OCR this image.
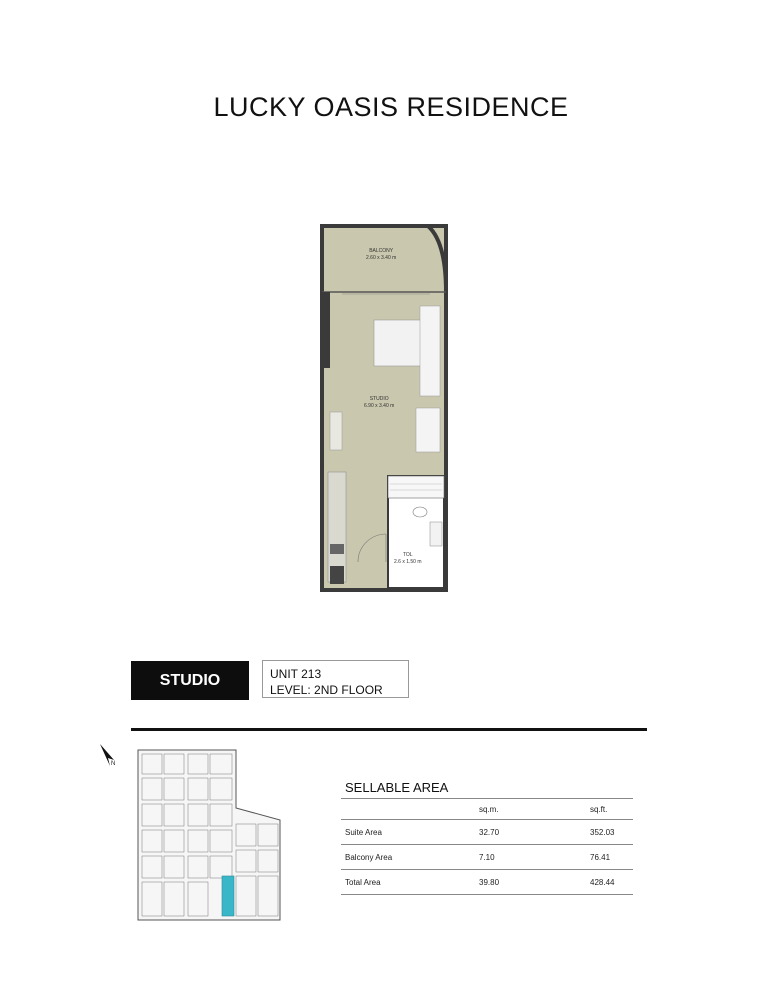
LUCKY OASIS RESIDENCE
BALCONY
2.60 x 3.40 m
STUDIO
6.90 x 3.40 m
TOL
2.6 x 1.50 m
STUDIO	UNIT 213
LEVEL: 2ND FLOOR
N
SELLABLE AREA
	sq.m.	sq.ft.
Suite Area	32.70	352.03
Balcony Area	7.10	76.41
Total Area	39.80	428.44
